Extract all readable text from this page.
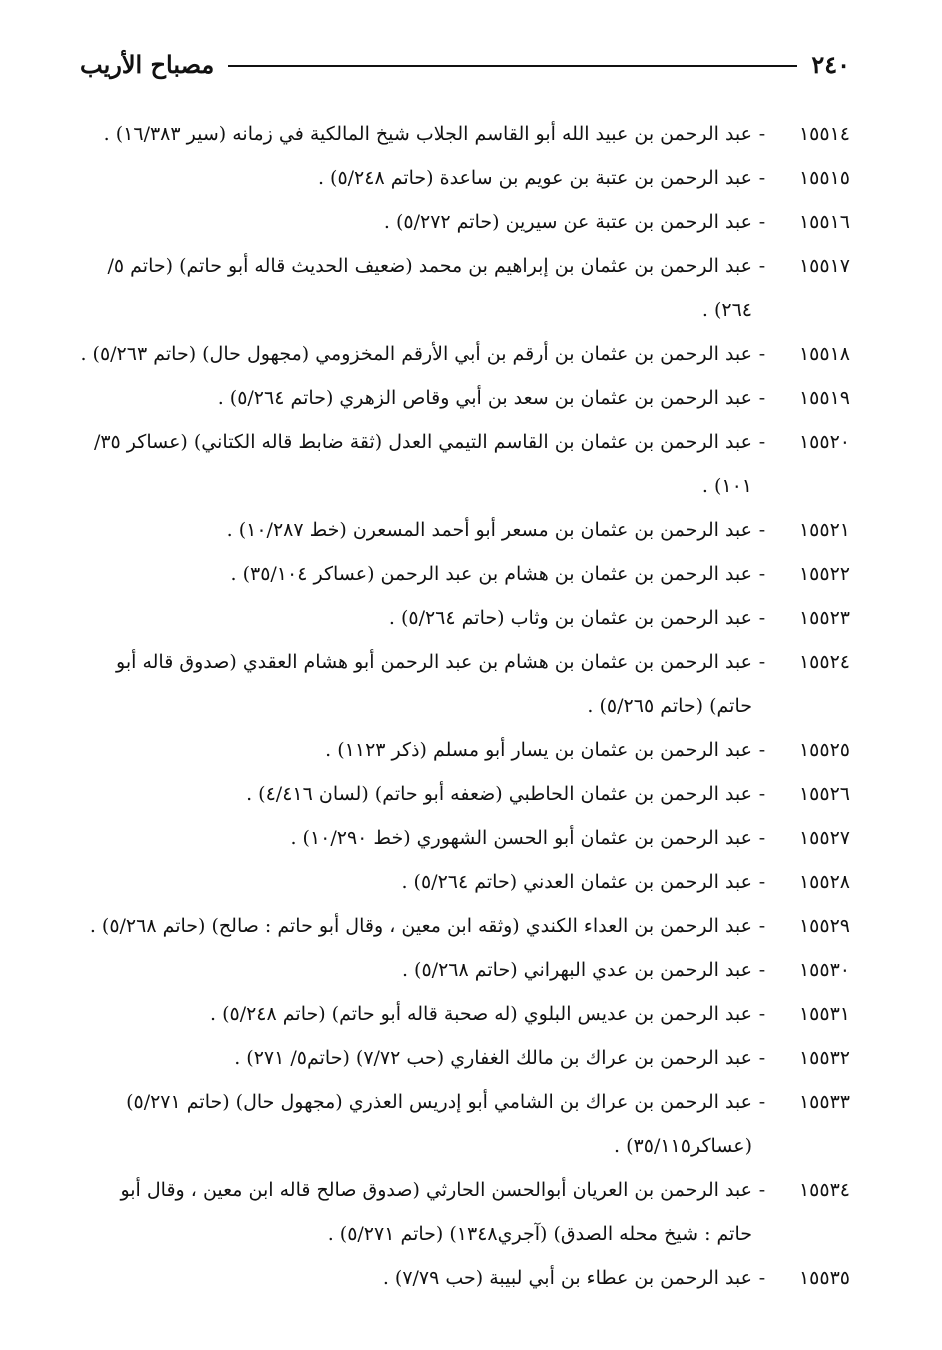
٢٤٠
مصباح الأريب
١٥٥١٤
-
عبد الرحمن بن عبيد الله أبو القاسم الجلاب شيخ المالكية في زمانه (سير ١٦/٣٨٣) .
١٥٥١٥
-
عبد الرحمن بن عتبة بن عويم بن ساعدة (حاتم ٥/٢٤٨) .
١٥٥١٦
-
عبد الرحمن بن عتبة عن سيرين (حاتم ٥/٢٧٢) .
١٥٥١٧
-
عبد الرحمن بن عثمان بن إبراهيم بن محمد (ضعيف الحديث قاله أبو حاتم) (حاتم ٥/ ٢٦٤) .
١٥٥١٨
-
عبد الرحمن بن عثمان بن أرقم بن أبي الأرقم المخزومي (مجهول حال) (حاتم ٥/٢٦٣) .
١٥٥١٩
-
عبد الرحمن بن عثمان بن سعد بن أبي وقاص الزهري (حاتم ٥/٢٦٤) .
١٥٥٢٠
-
عبد الرحمن بن عثمان بن القاسم التيمي العدل (ثقة ضابط قاله الكتاني) (عساكر ٣٥/ ١٠١) .
١٥٥٢١
-
عبد الرحمن بن عثمان بن مسعر أبو أحمد المسعرن (خط ١٠/٢٨٧) .
١٥٥٢٢
-
عبد الرحمن بن عثمان بن هشام بن عبد الرحمن (عساكر ٣٥/١٠٤) .
١٥٥٢٣
-
عبد الرحمن بن عثمان بن وثاب (حاتم ٥/٢٦٤) .
١٥٥٢٤
-
عبد الرحمن بن عثمان بن هشام بن عبد الرحمن أبو هشام العقدي (صدوق قاله أبو حاتم) (حاتم ٥/٢٦٥) .
١٥٥٢٥
-
عبد الرحمن بن عثمان بن يسار أبو مسلم (ذكر ١١٢٣) .
١٥٥٢٦
-
عبد الرحمن بن عثمان الحاطبي (ضعفه أبو حاتم) (لسان ٤/٤١٦) .
١٥٥٢٧
-
عبد الرحمن بن عثمان أبو الحسن الشهوري (خط ١٠/٢٩٠) .
١٥٥٢٨
-
عبد الرحمن بن عثمان العدني (حاتم ٥/٢٦٤) .
١٥٥٢٩
-
عبد الرحمن بن العداء الكندي (وثقه ابن معين ، وقال أبو حاتم : صالح) (حاتم ٥/٢٦٨) .
١٥٥٣٠
-
عبد الرحمن بن عدي البهراني (حاتم ٥/٢٦٨) .
١٥٥٣١
-
عبد الرحمن بن عديس البلوي (له صحبة قاله أبو حاتم) (حاتم ٥/٢٤٨) .
١٥٥٣٢
-
عبد الرحمن بن عراك بن مالك الغفاري (حب ٧/٧٢) (حاتم٥/ ٢٧١) .
١٥٥٣٣
-
عبد الرحمن بن عراك بن الشامي أبو إدريس العذري (مجهول حال) (حاتم ٥/٢٧١) (عساكر٣٥/١١٥) .
١٥٥٣٤
-
عبد الرحمن بن العريان أبوالحسن الحارثي (صدوق صالح قاله ابن معين ، وقال أبو حاتم : شيخ محله الصدق) (آجري١٣٤٨) (حاتم ٥/٢٧١) .
١٥٥٣٥
-
عبد الرحمن بن عطاء بن أبي لبيبة (حب ٧/٧٩) .
